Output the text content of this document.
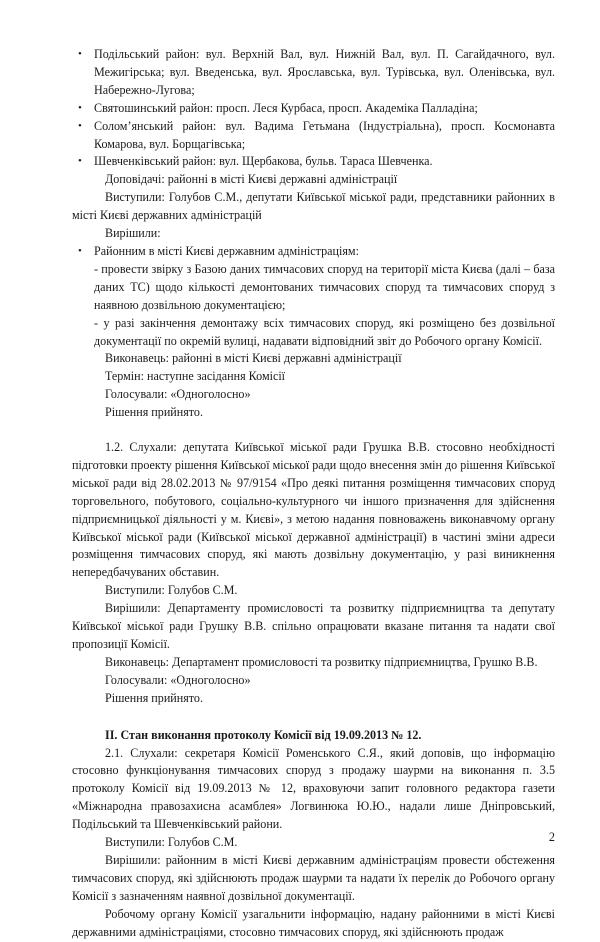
• Подільський район: вул. Верхній Вал, вул. Нижній Вал, вул. П. Сагайдачного, вул. Межигірська; вул. Введенська, вул. Ярославська, вул. Турівська, вул. Оленівська, вул. Набережно-Лугова;
• Святошинський район: просп. Леся Курбаса, просп. Академіка Палладіна;
• Солом’янський район: вул. Вадима Гетьмана (Індустріальна), просп. Космонавта Комарова, вул. Борщагівська;
• Шевченківський район: вул. Щербакова, бульв. Тараса Шевченка.

Доповідачі: районні в місті Києві державні адміністрації

Виступили: Голубов С.М., депутати Київської міської ради, представники районних в місті Києві державних адміністрацій

Вирішили:

• Районним в місті Києві державним адміністраціям:

- провести звірку з Базою даних тимчасових споруд на території міста Києва (далі – база даних ТС) щодо кількості демонтованих тимчасових споруд та тимчасових споруд з наявною дозвільною документацією;

- у разі закінчення демонтажу всіх тимчасових споруд, які розміщено без дозвільної документації по окремій вулиці, надавати відповідний звіт до Робочого органу Комісії.

Виконавець: районні в місті Києві державні адміністрації

Термін: наступне засідання Комісії

Голосували: «Одноголосно»

Рішення прийнято.

1.2. Слухали: депутата Київської міської ради Грушка В.В. стосовно необхідності підготовки проекту рішення Київської міської ради щодо внесення змін до рішення Київської міської ради від 28.02.2013 № 97/9154 «Про деякі питання розміщення тимчасових споруд торговельного, побутового, соціально-культурного чи іншого призначення для здійснення підприємницької діяльності у м. Києві», з метою надання повноважень виконавчому органу Київської міської ради (Київської міської державної адміністрації) в частині зміни адреси розміщення тимчасових споруд, які мають дозвільну документацію, у разі виникнення непередбачуваних обставин.

Виступили: Голубов С.М.

Вирішили: Департаменту промисловості та розвитку підприємництва та депутату Київської міської ради Грушку В.В. спільно опрацювати вказане питання та надати свої пропозиції Комісії.

Виконавець: Департамент промисловості та розвитку підприємництва, Грушко В.В.

Голосували: «Одноголосно»

Рішення прийнято.

II. Стан виконання протоколу Комісії від 19.09.2013 № 12.

2.1. Слухали: секретаря Комісії Роменського С.Я., який доповів, що інформацію стосовно функціонування тимчасових споруд з продажу шаурми на виконання п. 3.5 протоколу Комісії від 19.09.2013 № 12, враховуючи запит головного редактора газети «Міжнародна правозахисна асамблея» Логвинюка Ю.Ю., надали лише Дніпровський, Подільський та Шевченківський райони.

Виступили: Голубов С.М.

Вирішили: районним в місті Києві державним адміністраціям провести обстеження тимчасових споруд, які здійснюють продаж шаурми та надати їх перелік до Робочого органу Комісії з зазначенням наявної дозвільної документації.

Робочому органу Комісії узагальнити інформацію, надану районними в місті Києві державними адміністраціями, стосовно тимчасових споруд, які здійснюють продаж

2
